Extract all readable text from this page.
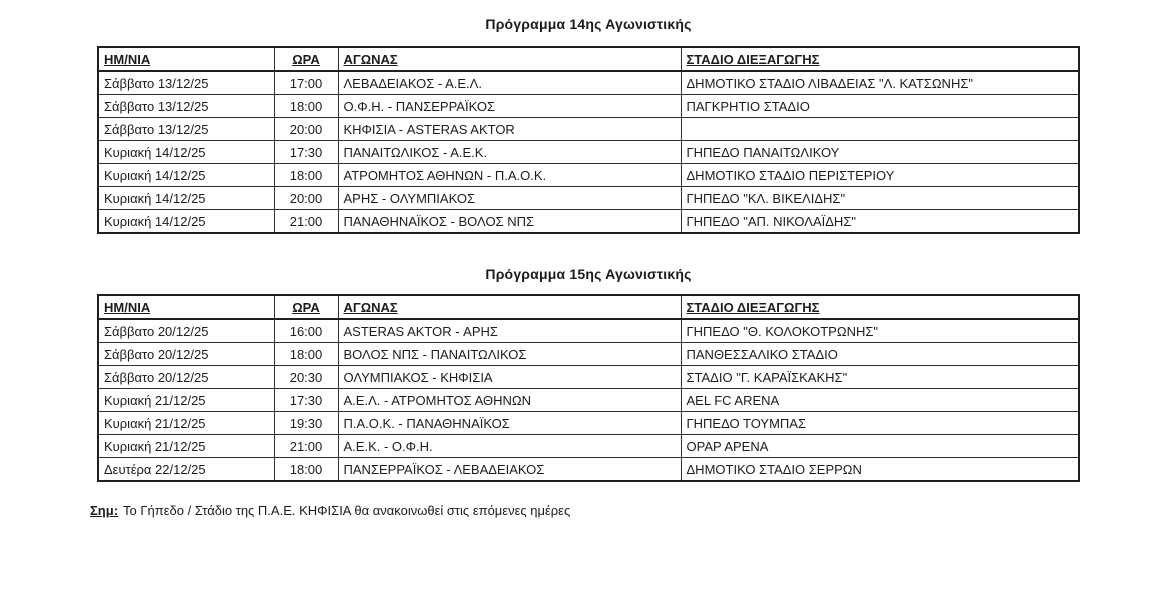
Πρόγραμμα 14ης Αγωνιστικής
ΗΜ/ΝΙΑ	ΩΡΑ	ΑΓΩΝΑΣ	ΣΤΑΔΙΟ ΔΙΕΞΑΓΩΓΗΣ
Σάββατο 13/12/25	17:00	ΛΕΒΑΔΕΙΑΚΟΣ - Α.Ε.Λ.	ΔΗΜΟΤΙΚΟ ΣΤΑΔΙΟ ΛΙΒΑΔΕΙΑΣ "Λ. ΚΑΤΣΩΝΗΣ"
Σάββατο 13/12/25	18:00	Ο.Φ.Η. - ΠΑΝΣΕΡΡΑΪΚΟΣ	ΠΑΓΚΡΗΤΙΟ ΣΤΑΔΙΟ
Σάββατο 13/12/25	20:00	ΚΗΦΙΣΙΑ - ASTERAS AKTOR	
Κυριακή 14/12/25	17:30	ΠΑΝΑΙΤΩΛΙΚΟΣ - Α.Ε.Κ.	ΓΗΠΕΔΟ ΠΑΝΑΙΤΩΛΙΚΟΥ
Κυριακή 14/12/25	18:00	ΑΤΡΟΜΗΤΟΣ ΑΘΗΝΩΝ - Π.Α.Ο.Κ.	ΔΗΜΟΤΙΚΟ ΣΤΑΔΙΟ ΠΕΡΙΣΤΕΡΙΟΥ
Κυριακή 14/12/25	20:00	ΑΡΗΣ - ΟΛΥΜΠΙΑΚΟΣ	ΓΗΠΕΔΟ "ΚΛ. ΒΙΚΕΛΙΔΗΣ"
Κυριακή 14/12/25	21:00	ΠΑΝΑΘΗΝΑΪΚΟΣ - ΒΟΛΟΣ ΝΠΣ	ΓΗΠΕΔΟ "ΑΠ. ΝΙΚΟΛΑΪΔΗΣ"
Πρόγραμμα 15ης Αγωνιστικής
ΗΜ/ΝΙΑ	ΩΡΑ	ΑΓΩΝΑΣ	ΣΤΑΔΙΟ ΔΙΕΞΑΓΩΓΗΣ
Σάββατο 20/12/25	16:00	ASTERAS AKTOR - ΑΡΗΣ	ΓΗΠΕΔΟ "Θ. ΚΟΛΟΚΟΤΡΩΝΗΣ"
Σάββατο 20/12/25	18:00	ΒΟΛΟΣ ΝΠΣ - ΠΑΝΑΙΤΩΛΙΚΟΣ	ΠΑΝΘΕΣΣΑΛΙΚΟ ΣΤΑΔΙΟ
Σάββατο 20/12/25	20:30	ΟΛΥΜΠΙΑΚΟΣ - ΚΗΦΙΣΙΑ	ΣΤΑΔΙΟ "Γ. ΚΑΡΑΪΣΚΑΚΗΣ"
Κυριακή 21/12/25	17:30	Α.Ε.Λ. - ΑΤΡΟΜΗΤΟΣ ΑΘΗΝΩΝ	AEL FC ARENA
Κυριακή 21/12/25	19:30	Π.Α.Ο.Κ. - ΠΑΝΑΘΗΝΑΪΚΟΣ	ΓΗΠΕΔΟ ΤΟΥΜΠΑΣ
Κυριακή 21/12/25	21:00	Α.Ε.Κ. - Ο.Φ.Η.	ΟΡΑΡ ΑΡΕΝΑ
Δευτέρα 22/12/25	18:00	ΠΑΝΣΕΡΡΑΪΚΟΣ - ΛΕΒΑΔΕΙΑΚΟΣ	ΔΗΜΟΤΙΚΟ ΣΤΑΔΙΟ ΣΕΡΡΩΝ
Σημ: Το Γήπεδο / Στάδιο της Π.Α.Ε. ΚΗΦΙΣΙΑ θα ανακοινωθεί στις επόμενες ημέρες
